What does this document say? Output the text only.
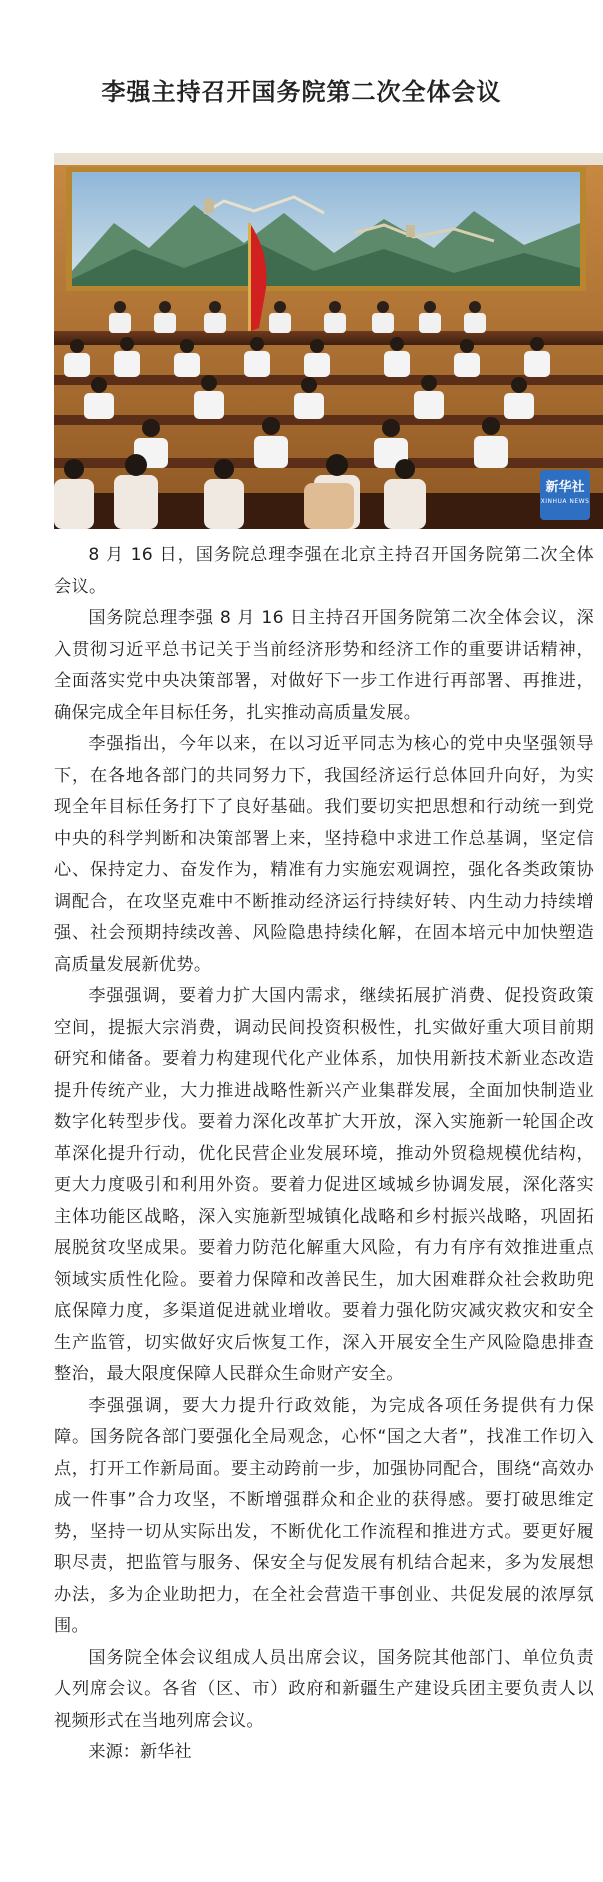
李强主持召开国务院第二次全体会议
新华社
XINHUA NEWS

8 月 16 日，国务院总理李强在北京主持召开国务院第二次全体会议。

国务院总理李强 8 月 16 日主持召开国务院第二次全体会议，深入贯彻习近平总书记关于当前经济形势和经济工作的重要讲话精神，全面落实党中央决策部署，对做好下一步工作进行再部署、再推进，确保完成全年目标任务，扎实推动高质量发展。

李强指出，今年以来，在以习近平同志为核心的党中央坚强领导下，在各地各部门的共同努力下，我国经济运行总体回升向好，为实现全年目标任务打下了良好基础。我们要切实把思想和行动统一到党中央的科学判断和决策部署上来，坚持稳中求进工作总基调，坚定信心、保持定力、奋发作为，精准有力实施宏观调控，强化各类政策协调配合，在攻坚克难中不断推动经济运行持续好转、内生动力持续增强、社会预期持续改善、风险隐患持续化解，在固本培元中加快塑造高质量发展新优势。

李强强调，要着力扩大国内需求，继续拓展扩消费、促投资政策空间，提振大宗消费，调动民间投资积极性，扎实做好重大项目前期研究和储备。要着力构建现代化产业体系，加快用新技术新业态改造提升传统产业，大力推进战略性新兴产业集群发展，全面加快制造业数字化转型步伐。要着力深化改革扩大开放，深入实施新一轮国企改革深化提升行动，优化民营企业发展环境，推动外贸稳规模优结构，更大力度吸引和利用外资。要着力促进区域城乡协调发展，深化落实主体功能区战略，深入实施新型城镇化战略和乡村振兴战略，巩固拓展脱贫攻坚成果。要着力防范化解重大风险，有力有序有效推进重点领域实质性化险。要着力保障和改善民生，加大困难群众社会救助兜底保障力度，多渠道促进就业增收。要着力强化防灾减灾救灾和安全生产监管，切实做好灾后恢复工作，深入开展安全生产风险隐患排查整治，最大限度保障人民群众生命财产安全。

李强强调，要大力提升行政效能，为完成各项任务提供有力保障。国务院各部门要强化全局观念，心怀“国之大者”，找准工作切入点，打开工作新局面。要主动跨前一步，加强协同配合，围绕“高效办成一件事”合力攻坚，不断增强群众和企业的获得感。要打破思维定势，坚持一切从实际出发，不断优化工作流程和推进方式。要更好履职尽责，把监管与服务、保安全与促发展有机结合起来，多为发展想办法，多为企业助把力，在全社会营造干事创业、共促发展的浓厚氛围。

国务院全体会议组成人员出席会议，国务院其他部门、单位负责人列席会议。各省（区、市）政府和新疆生产建设兵团主要负责人以视频形式在当地列席会议。

来源：新华社
